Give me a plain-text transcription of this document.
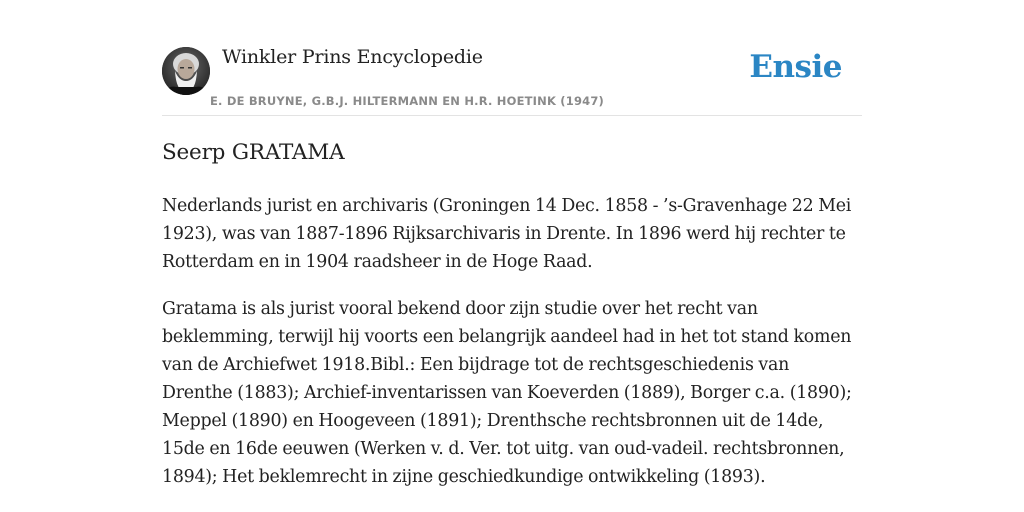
Winkler Prins Encyclopedie
E. DE BRUYNE, G.B.J. HILTERMANN EN H.R. HOETINK (1947)
Ensie
Seerp GRATAMA

Nederlands jurist en archivaris (Groningen 14 Dec. 1858 - ’s-Gravenhage 22 Mei 1923), was van 1887-1896 Rijksarchivaris in Drente. In 1896 werd hij rechter te Rotterdam en in 1904 raadsheer in de Hoge Raad.

Gratama is als jurist vooral bekend door zijn studie over het recht van beklemming, terwijl hij voorts een belangrijk aandeel had in het tot stand komen van de Archiefwet 1918.Bibl.: Een bijdrage tot de rechtsgeschiedenis van Drenthe (1883); Archief-inventarissen van Koeverden (1889), Borger c.a. (1890); Meppel (1890) en Hoogeveen (1891); Drenthsche rechtsbronnen uit de 14de, 15de en 16de eeuwen (Werken v. d. Ver. tot uitg. van oud-vadeil. rechtsbronnen, 1894); Het beklemrecht in zijne geschiedkundige ontwikkeling (1893).
